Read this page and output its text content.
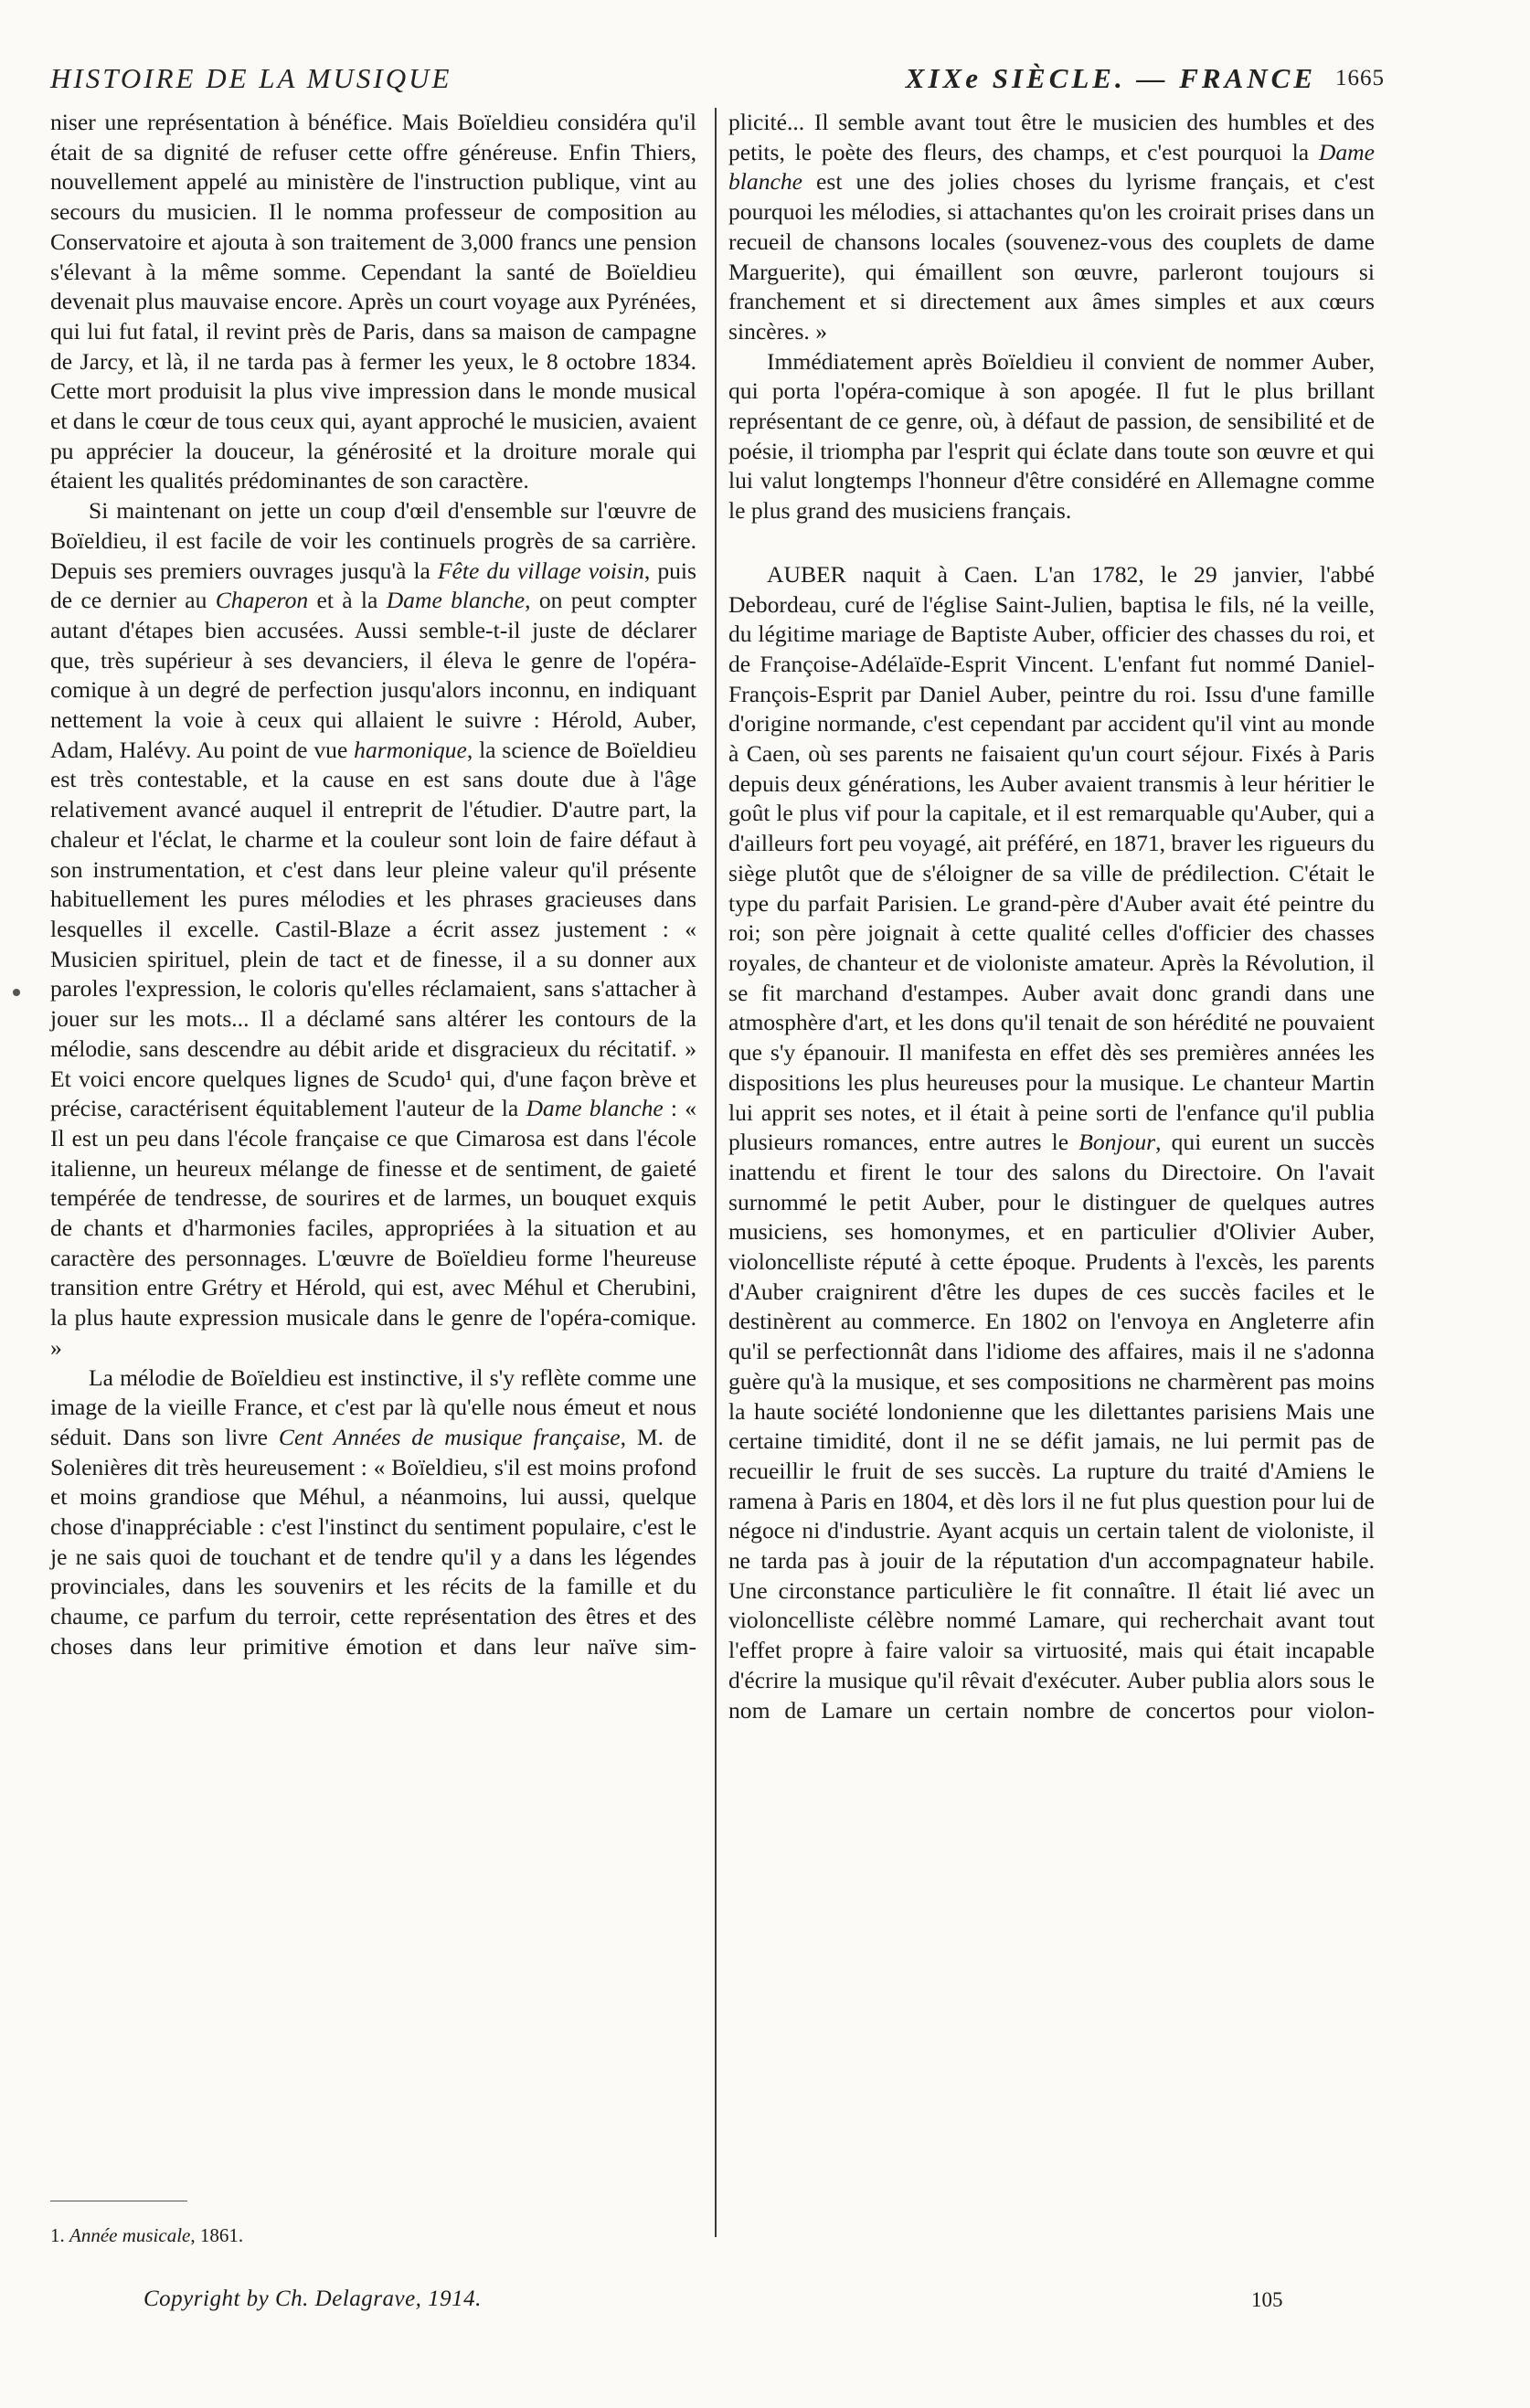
HISTOIRE DE LA MUSIQUE	XIXe SIÈCLE. — FRANCE 1665

niser une représentation à bénéfice. Mais Boïeldieu considéra qu'il était de sa dignité de refuser cette offre généreuse. Enfin Thiers, nouvellement appelé au ministère de l'instruction publique, vint au secours du musicien. Il le nomma professeur de composition au Conservatoire et ajouta à son traitement de 3,000 francs une pension s'élevant à la même somme. Cependant la santé de Boïeldieu devenait plus mauvaise encore. Après un court voyage aux Pyrénées, qui lui fut fatal, il revint près de Paris, dans sa maison de campagne de Jarcy, et là, il ne tarda pas à fermer les yeux, le 8 octobre 1834. Cette mort produisit la plus vive impression dans le monde musical et dans le cœur de tous ceux qui, ayant approché le musicien, avaient pu apprécier la douceur, la générosité et la droiture morale qui étaient les qualités prédominantes de son caractère.

Si maintenant on jette un coup d'œil d'ensemble sur l'œuvre de Boïeldieu, il est facile de voir les continuels progrès de sa carrière. Depuis ses premiers ouvrages jusqu'à la Fête du village voisin, puis de ce dernier au Chaperon et à la Dame blanche, on peut compter autant d'étapes bien accusées. Aussi semble-t-il juste de déclarer que, très supérieur à ses devanciers, il éleva le genre de l'opéra-comique à un degré de perfection jusqu'alors inconnu, en indiquant nettement la voie à ceux qui allaient le suivre : Hérold, Auber, Adam, Halévy. Au point de vue harmonique, la science de Boïeldieu est très contestable, et la cause en est sans doute due à l'âge relativement avancé auquel il entreprit de l'étudier. D'autre part, la chaleur et l'éclat, le charme et la couleur sont loin de faire défaut à son instrumentation, et c'est dans leur pleine valeur qu'il présente habituellement les pures mélodies et les phrases gracieuses dans lesquelles il excelle. Castil-Blaze a écrit assez justement : « Musicien spirituel, plein de tact et de finesse, il a su donner aux paroles l'expression, le coloris qu'elles réclamaient, sans s'attacher à jouer sur les mots... Il a déclamé sans altérer les contours de la mélodie, sans descendre au débit aride et disgracieux du récitatif. » Et voici encore quelques lignes de Scudo¹ qui, d'une façon brève et précise, caractérisent équitablement l'auteur de la Dame blanche : « Il est un peu dans l'école française ce que Cimarosa est dans l'école italienne, un heureux mélange de finesse et de sentiment, de gaieté tempérée de tendresse, de sourires et de larmes, un bouquet exquis de chants et d'harmonies faciles, appropriées à la situation et au caractère des personnages. L'œuvre de Boïeldieu forme l'heureuse transition entre Grétry et Hérold, qui est, avec Méhul et Cherubini, la plus haute expression musicale dans le genre de l'opéra-comique. »

La mélodie de Boïeldieu est instinctive, il s'y reflète comme une image de la vieille France, et c'est par là qu'elle nous émeut et nous séduit. Dans son livre Cent Années de musique française, M. de Solenières dit très heureusement : « Boïeldieu, s'il est moins profond et moins grandiose que Méhul, a néanmoins, lui aussi, quelque chose d'inappréciable : c'est l'instinct du sentiment populaire, c'est le je ne sais quoi de touchant et de tendre qu'il y a dans les légendes provinciales, dans les souvenirs et les récits de la famille et du chaume, ce parfum du terroir, cette représentation des êtres et des choses dans leur primitive émotion et dans leur naïve sim-

plicité... Il semble avant tout être le musicien des humbles et des petits, le poète des fleurs, des champs, et c'est pourquoi la Dame blanche est une des jolies choses du lyrisme français, et c'est pourquoi les mélodies, si attachantes qu'on les croirait prises dans un recueil de chansons locales (souvenez-vous des couplets de dame Marguerite), qui émaillent son œuvre, parleront toujours si franchement et si directement aux âmes simples et aux cœurs sincères. »

Immédiatement après Boïeldieu il convient de nommer Auber, qui porta l'opéra-comique à son apogée. Il fut le plus brillant représentant de ce genre, où, à défaut de passion, de sensibilité et de poésie, il triompha par l'esprit qui éclate dans toute son œuvre et qui lui valut longtemps l'honneur d'être considéré en Allemagne comme le plus grand des musiciens français.

AUBER naquit à Caen. L'an 1782, le 29 janvier, l'abbé Debordeau, curé de l'église Saint-Julien, baptisa le fils, né la veille, du légitime mariage de Baptiste Auber, officier des chasses du roi, et de Françoise-Adélaïde-Esprit Vincent. L'enfant fut nommé Daniel-François-Esprit par Daniel Auber, peintre du roi. Issu d'une famille d'origine normande, c'est cependant par accident qu'il vint au monde à Caen, où ses parents ne faisaient qu'un court séjour. Fixés à Paris depuis deux générations, les Auber avaient transmis à leur héritier le goût le plus vif pour la capitale, et il est remarquable qu'Auber, qui a d'ailleurs fort peu voyagé, ait préféré, en 1871, braver les rigueurs du siège plutôt que de s'éloigner de sa ville de prédilection. C'était le type du parfait Parisien. Le grand-père d'Auber avait été peintre du roi; son père joignait à cette qualité celles d'officier des chasses royales, de chanteur et de violoniste amateur. Après la Révolution, il se fit marchand d'estampes. Auber avait donc grandi dans une atmosphère d'art, et les dons qu'il tenait de son hérédité ne pouvaient que s'y épanouir. Il manifesta en effet dès ses premières années les dispositions les plus heureuses pour la musique. Le chanteur Martin lui apprit ses notes, et il était à peine sorti de l'enfance qu'il publia plusieurs romances, entre autres le Bonjour, qui eurent un succès inattendu et firent le tour des salons du Directoire. On l'avait surnommé le petit Auber, pour le distinguer de quelques autres musiciens, ses homonymes, et en particulier d'Olivier Auber, violoncelliste réputé à cette époque. Prudents à l'excès, les parents d'Auber craignirent d'être les dupes de ces succès faciles et le destinèrent au commerce. En 1802 on l'envoya en Angleterre afin qu'il se perfectionnât dans l'idiome des affaires, mais il ne s'adonna guère qu'à la musique, et ses compositions ne charmèrent pas moins la haute société londonienne que les dilettantes parisiens Mais une certaine timidité, dont il ne se défit jamais, ne lui permit pas de recueillir le fruit de ses succès. La rupture du traité d'Amiens le ramena à Paris en 1804, et dès lors il ne fut plus question pour lui de négoce ni d'industrie. Ayant acquis un certain talent de violoniste, il ne tarda pas à jouir de la réputation d'un accompagnateur habile. Une circonstance particulière le fit connaître. Il était lié avec un violoncelliste célèbre nommé Lamare, qui recherchait avant tout l'effet propre à faire valoir sa virtuosité, mais qui était incapable d'écrire la musique qu'il rêvait d'exécuter. Auber publia alors sous le nom de Lamare un certain nombre de concertos pour violon-

1. Année musicale, 1861.
Copyright by Ch. Delagrave, 1914.	105
